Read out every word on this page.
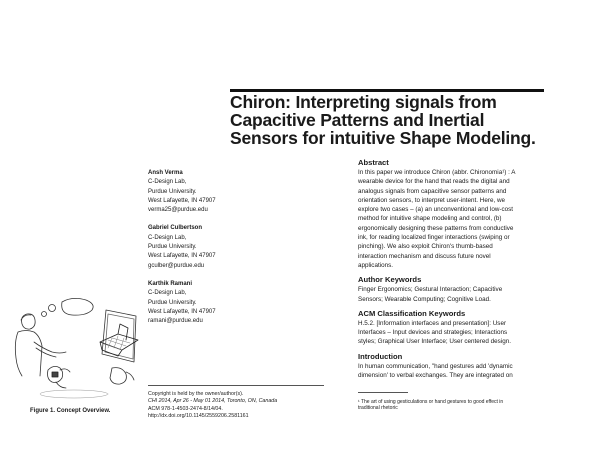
Chiron: Interpreting signals from
Capacitive Patterns and Inertial
Sensors for intuitive Shape Modeling.
Ansh Verma
C-Design Lab,
Purdue University.
West Lafayette, IN 47907
verma25@purdue.edu
Gabriel Culbertson
C-Design Lab,
Purdue University.
West Lafayette, IN 47907
gculber@purdue.edu
Karthik Ramani
C-Design Lab,
Purdue University.
West Lafayette, IN 47907
ramani@purdue.edu
Figure 1. Concept Overview.
Copyright is held by the owner/author(s).
CHI 2014, Apr 26 - May 01 2014, Toronto, ON, Canada
ACM 978-1-4503-2474-8/14/04.
http://dx.doi.org/10.1145/2559206.2581161
Abstract
In this paper we introduce Chiron (abbr. Chironomia¹) : A
wearable device for the hand that reads the digital and
analogus signals from capacitive sensor patterns and
orientation sensors, to interpret user-intent. Here, we
explore two cases – (a) an unconventional and low-cost
method for intuitive shape modeling and control, (b)
ergonomically designing these patterns from conductive
ink, for reading localized finger interactions (swiping or
pinching). We also exploit Chiron's thumb-based
interaction mechanism and discuss future novel
applications.
Author Keywords
Finger Ergonomics; Gestural Interaction; Capacitive
Sensors; Wearable Computing; Cognitive Load.
ACM Classification Keywords
H.5.2. [Information interfaces and presentation]: User
Interfaces – Input devices and strategies; Interactions
styles; Graphical User Interface; User centered design.
Introduction
In human communication, "hand gestures add 'dynamic
dimension' to verbal exchanges. They are integrated on
¹ The art of using gesticulations or hand gestures to good effect in
traditional rhetoric
